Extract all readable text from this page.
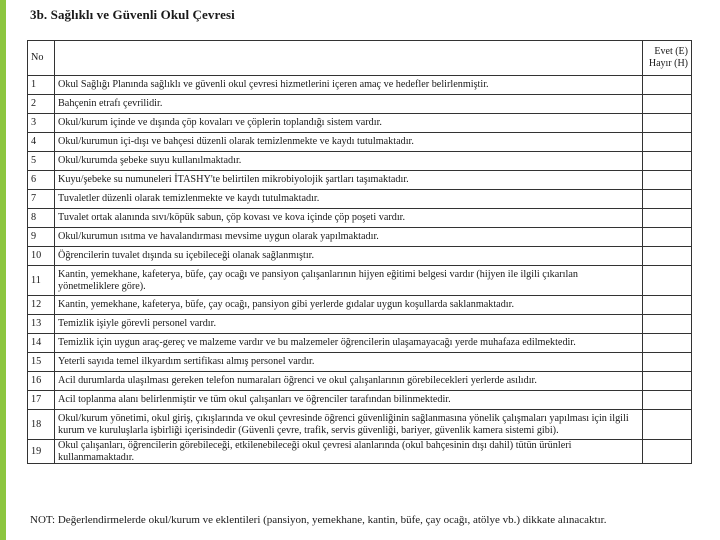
3b. Sağlıklı ve Güvenli Okul Çevresi
No		Evet (E)
Hayır (H)

1	Okul Sağlığı Planında sağlıklı ve güvenli okul çevresi hizmetlerini içeren amaç ve hedefler belirlenmiştir.	
2	Bahçenin etrafı çevrilidir.	
3	Okul/kurum içinde ve dışında çöp kovaları ve çöplerin toplandığı sistem vardır.	
4	Okul/kurumun içi-dışı ve bahçesi düzenli olarak temizlenmekte ve kaydı tutulmaktadır.	
5	Okul/kurumda şebeke suyu kullanılmaktadır.	
6	Kuyu/şebeke su numuneleri İTASHY'te belirtilen mikrobiyolojik şartları taşımaktadır.	
7	Tuvaletler düzenli olarak temizlenmekte ve kaydı tutulmaktadır.	
8	Tuvalet ortak alanında sıvı/köpük sabun, çöp kovası ve kova içinde çöp poşeti vardır.	
9	Okul/kurumun ısıtma ve havalandırması mevsime uygun olarak yapılmaktadır.	
10	Öğrencilerin tuvalet dışında su içebileceği olanak sağlanmıştır.	
11	Kantin, yemekhane, kafeterya, büfe, çay ocağı ve pansiyon çalışanlarının hijyen eğitimi belgesi vardır (hijyen ile ilgili çıkarılan yönetmeliklere göre).	
12	Kantin, yemekhane, kafeterya, büfe, çay ocağı, pansiyon gibi yerlerde gıdalar uygun koşullarda saklanmaktadır.	
13	Temizlik işiyle görevli personel vardır.	
14	Temizlik için uygun araç-gereç ve malzeme vardır ve bu malzemeler öğrencilerin ulaşamayacağı yerde muhafaza edilmektedir.	
15	Yeterli sayıda temel ilkyardım sertifikası almış personel vardır.	
16	Acil durumlarda ulaşılması gereken telefon numaraları öğrenci ve okul çalışanlarının görebilecekleri yerlerde asılıdır.	
17	Acil toplanma alanı belirlenmiştir ve tüm okul çalışanları ve öğrenciler tarafından bilinmektedir.	
18	Okul/kurum yönetimi, okul giriş, çıkışlarında ve okul çevresinde öğrenci güvenliğinin sağlanmasına yönelik çalışmaları yapılması için ilgili kurum ve kuruluşlarla işbirliği içerisindedir (Güvenli çevre, trafik, servis güvenliği, bariyer, güvenlik kamera sistemi gibi).	
19	Okul çalışanları, öğrencilerin görebileceği, etkilenebileceği okul çevresi alanlarında (okul bahçesinin dışı dahil) tütün ürünleri kullanmamaktadır.	
NOT: Değerlendirmelerde okul/kurum ve eklentileri (pansiyon, yemekhane, kantin, büfe, çay ocağı, atölye vb.) dikkate alınacaktır.
